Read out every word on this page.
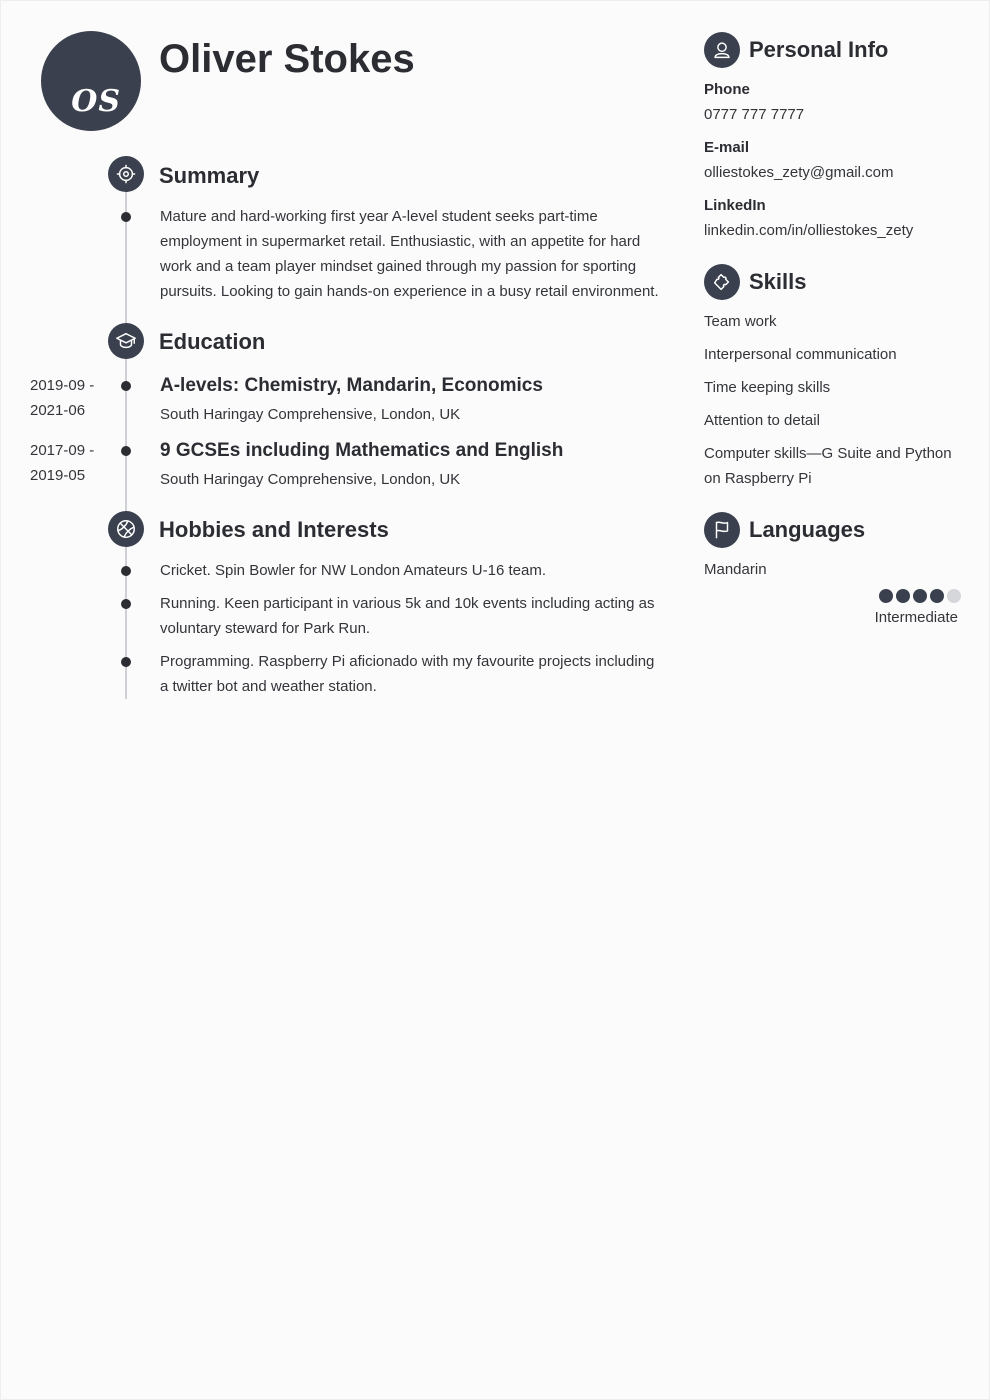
OS
Oliver Stokes
Summary
Mature and hard-working first year A-level student seeks part-time employment in supermarket retail. Enthusiastic, with an appetite for hard work and a team player mindset gained through my passion for sporting pursuits. Looking to gain hands-on experience in a busy retail environment.
Education
2019-09 -
2021-06
A-levels: Chemistry, Mandarin, Economics
South Haringay Comprehensive, London, UK
2017-09 -
2019-05
9 GCSEs including Mathematics and English
South Haringay Comprehensive, London, UK
Hobbies and Interests
Cricket. Spin Bowler for NW London Amateurs U-16 team.
Running. Keen participant in various 5k and 10k events including acting as voluntary steward for Park Run.
Programming. Raspberry Pi aficionado with my favourite projects including a twitter bot and weather station.
Personal Info
Phone
0777 777 7777
E-mail
olliestokes_zety@gmail.com
LinkedIn
linkedin.com/in/olliestokes_zety
Skills
Team work
Interpersonal communication
Time keeping skills
Attention to detail
Computer skills—G Suite and Python on Raspberry Pi
Languages
Mandarin
Intermediate
